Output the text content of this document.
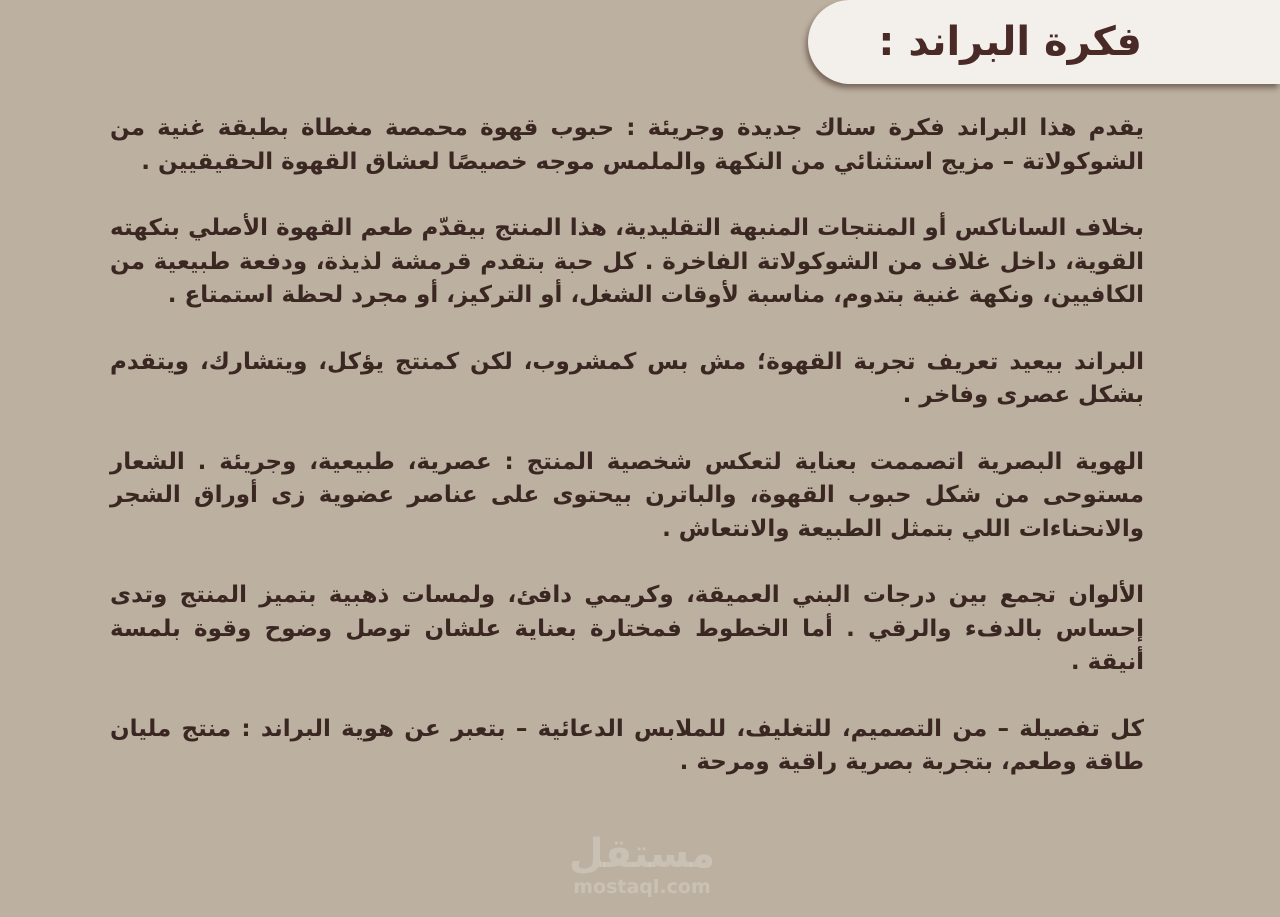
فكرة البراند :

يقدم هذا البراند فكرة سناك جديدة وجريئة : حبوب قهوة محمصة مغطاة بطبقة غنية من الشوكولاتة – مزيج استثنائي من النكهة والملمس موجه خصيصًا لعشاق القهوة الحقيقيين .

بخلاف الساناكس أو المنتجات المنبهة التقليدية، هذا المنتج بيقدّم طعم القهوة الأصلي بنكهته القوية، داخل غلاف من الشوكولاتة الفاخرة . كل حبة بتقدم قرمشة لذيذة، ودفعة طبيعية من الكافيين، ونكهة غنية بتدوم، مناسبة لأوقات الشغل، أو التركيز، أو مجرد لحظة استمتاع .

البراند بيعيد تعريف تجربة القهوة؛ مش بس كمشروب، لكن كمنتج يؤكل، ويتشارك، ويتقدم بشكل عصرى وفاخر .

الهوية البصرية اتصممت بعناية لتعكس شخصية المنتج : عصرية، طبيعية، وجريئة . الشعار مستوحى من شكل حبوب القهوة، والباترن بيحتوى على عناصر عضوية زى أوراق الشجر والانحناءات اللي بتمثل الطبيعة والانتعاش .

الألوان تجمع بين درجات البني العميقة، وكريمي دافئ، ولمسات ذهبية بتميز المنتج وتدى إحساس بالدفء والرقي . أما الخطوط فمختارة بعناية علشان توصل وضوح وقوة بلمسة أنيقة .

كل تفصيلة – من التصميم، للتغليف، للملابس الدعائية – بتعبر عن هوية البراند : منتج مليان طاقة وطعم، بتجربة بصرية راقية ومرحة .

مستقل
mostaql.com
